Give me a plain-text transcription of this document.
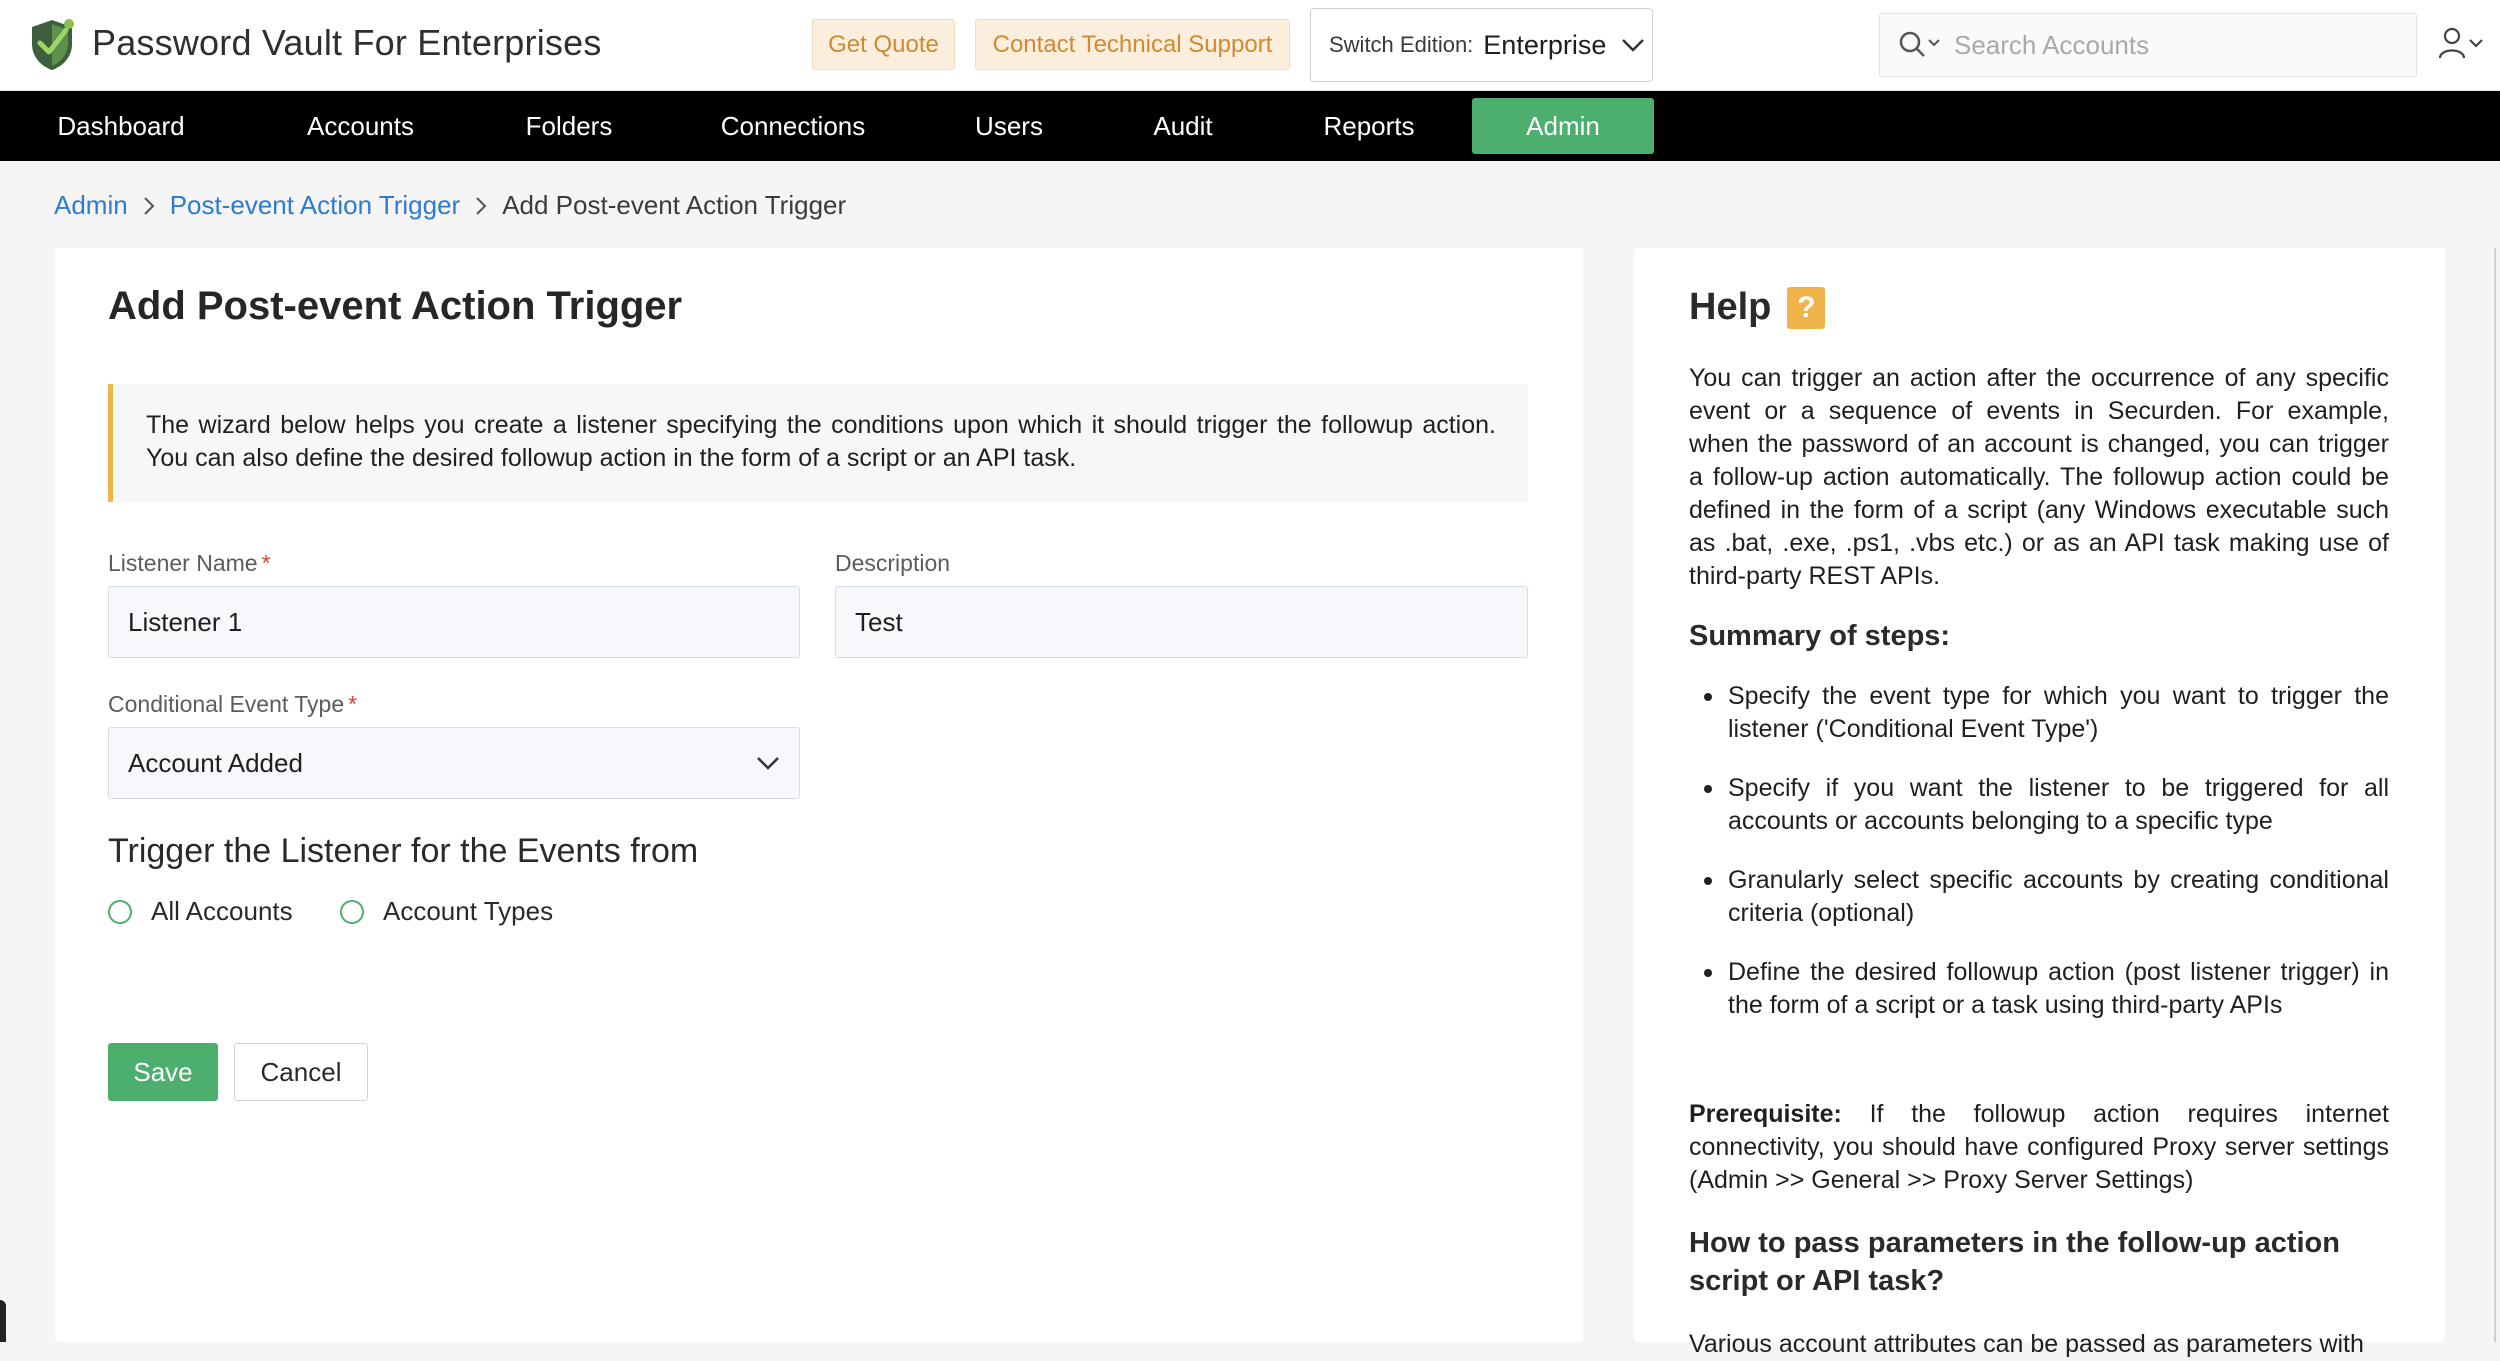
Password Vault For Enterprises	Get Quote	Contact Technical Support	Switch Edition: Enterprise
Search Accounts
Dashboard	Accounts	Folders	Connections	Users	Audit	Reports	Admin
Admin Post-event Action Trigger Add Post-event Action Trigger
Add Post-event Action Trigger
The wizard below helps you create a listener specifying the conditions upon which it should trigger the followup action. You can also define the desired followup action in the form of a script or an API task.
Listener Name *
Listener 1
Description
Test
Conditional Event Type *
Account Added
Trigger the Listener for the Events from
All Accounts	Account Types
Save	Cancel
Help ?
You can trigger an action after the occurrence of any specific event or a sequence of events in Securden. For example, when the password of an account is changed, you can trigger a follow-up action automatically. The followup action could be defined in the form of a script (any Windows executable such as .bat, .exe, .ps1, .vbs etc.) or as an API task making use of third-party REST APIs.
Summary of steps:
Specify the event type for which you want to trigger the listener ('Conditional Event Type')
Specify if you want the listener to be triggered for all accounts or accounts belonging to a specific type
Granularly select specific accounts by creating conditional criteria (optional)
Define the desired followup action (post listener trigger) in the form of a script or a task using third-party APIs
Prerequisite: If the followup action requires internet connectivity, you should have configured Proxy server settings (Admin >> General >> Proxy Server Settings)
How to pass parameters in the follow-up action script or API task?
Various account attributes can be passed as parameters with
